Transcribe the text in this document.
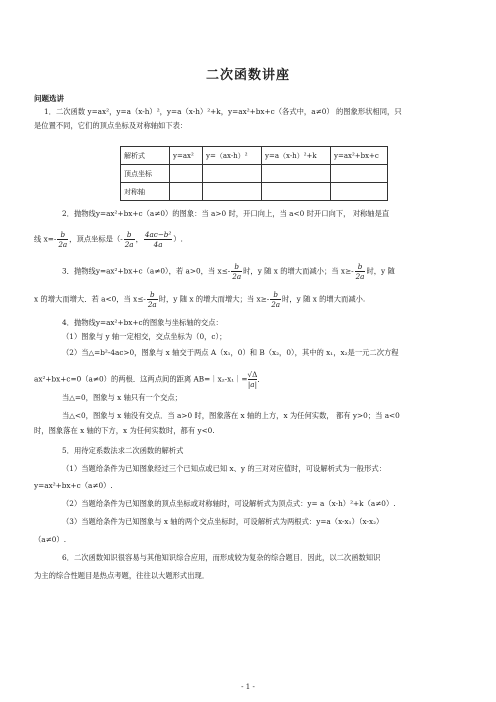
二次函数讲座
问题选讲
1．二次函数 y=ax²，y=a（x-h）²，y=a（x-h）²+k，y=ax²+bx+c（各式中，a≠0） 的图象形状相同，只
是位置不同，它们的顶点坐标及对称轴如下表：
解析式	y=ax²	y=（ax-h）²	y=a（x-h）²+k	y=ax²+bx+c
顶点坐标				
对称轴				
2．抛物线y=ax²+bx+c（a≠0）的图象：当 a>0 时，开口向上，当 a<0 时开口向下， 对称轴是直
线 $x=- \frac{b}{2a}$ ，顶点坐标是（- $\frac{b}{2a}$ ， $\frac{\text{4ac−b²}}{4a}$ ）.
3．抛物线y=ax²+bx+c（a≠0），若 a>0，当 $x\le- \frac{b}{2a}$ 时，y 随 x 的增大而减小；当 $x\ge- \frac{b}{2a}$ 时，y 随
x 的增大而增大．若 a<0，当 $x\le- \frac{b}{2a}$ 时，y 随 x 的增大而增大；当 $x\ge- \frac{b}{2a}$ 时，y 随 x 的增大而减小.
4．抛物线y=ax²+bx+c的图象与坐标轴的交点：
（1）图象与 y 轴一定相交，交点坐标为（0，c）；
（2）当△=b²-4ac>0，图象与 x 轴交于两点 A（x₁，0）和 B（x₂，0），其中的 x₁，x₂是一元二次方程
ax²+bx+c=0（a≠0）的两根．这两点间的距离 AB=｜x₂-x₁｜= $\frac{√\Delta}{|a|}$ ．
当△=0，图象与 x 轴只有一个交点；
当△<0，图象与 x 轴没有交点．当 a>0 时，图象落在 x 轴的上方，x 为任何实数， 都有 y>0；当 a<0
时，图象落在 x 轴的下方，x 为任何实数时，都有 y<0.
5．用待定系数法求二次函数的解析式
（1）当题给条件为已知图象经过三个已知点或已知 x、y 的三对对应值时，可设解析式为一般形式：
y=ax²+bx+c（a≠0）.
（2）当题给条件为已知图象的顶点坐标或对称轴时，可设解析式为顶点式：y= a（x-h）²+k（a≠0）.
（3）当题给条件为已知图象与 x 轴的两个交点坐标时，可设解析式为两根式：y=a（x-x₁）（x-x₂）
（a≠0）.
6．二次函数知识很容易与其他知识综合应用，而形成较为复杂的综合题目．因此，以二次函数知识
为主的综合性题目是热点考题，往往以大题形式出现．
- 1 -
